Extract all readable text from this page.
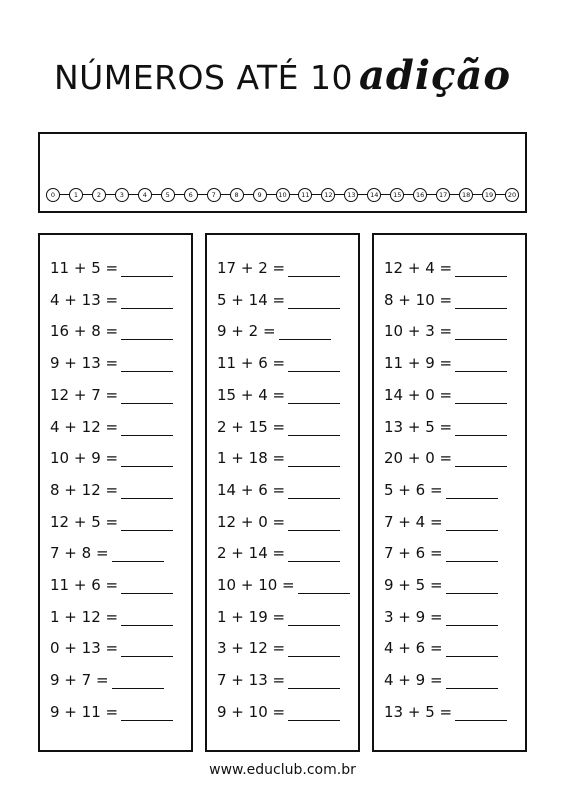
NÚMEROS ATÉ 10 adição
0	1	2	3	4	5	6	7	8	9	10	11	12	13	14	15	16	17	18	19	20
11 + 5 =
4 + 13 =
16 + 8 =
9 + 13 =
12 + 7 =
4 + 12 =
10 + 9 =
8 + 12 =
12 + 5 =
7 + 8 =
11 + 6 =
1 + 12 =
0 + 13 =
9 + 7 =
9 + 11 =
17 + 2 =
5 + 14 =
9 + 2 =
11 + 6 =
15 + 4 =
2 + 15 =
1 + 18 =
14 + 6 =
12 + 0 =
2 + 14 =
10 + 10 =
1 + 19 =
3 + 12 =
7 + 13 =
9 + 10 =
12 + 4 =
8 + 10 =
10 + 3 =
11 + 9 =
14 + 0 =
13 + 5 =
20 + 0 =
5 + 6 =
7 + 4 =
7 + 6 =
9 + 5 =
3 + 9 =
4 + 6 =
4 + 9 =
13 + 5 =
www.educlub.com.br
